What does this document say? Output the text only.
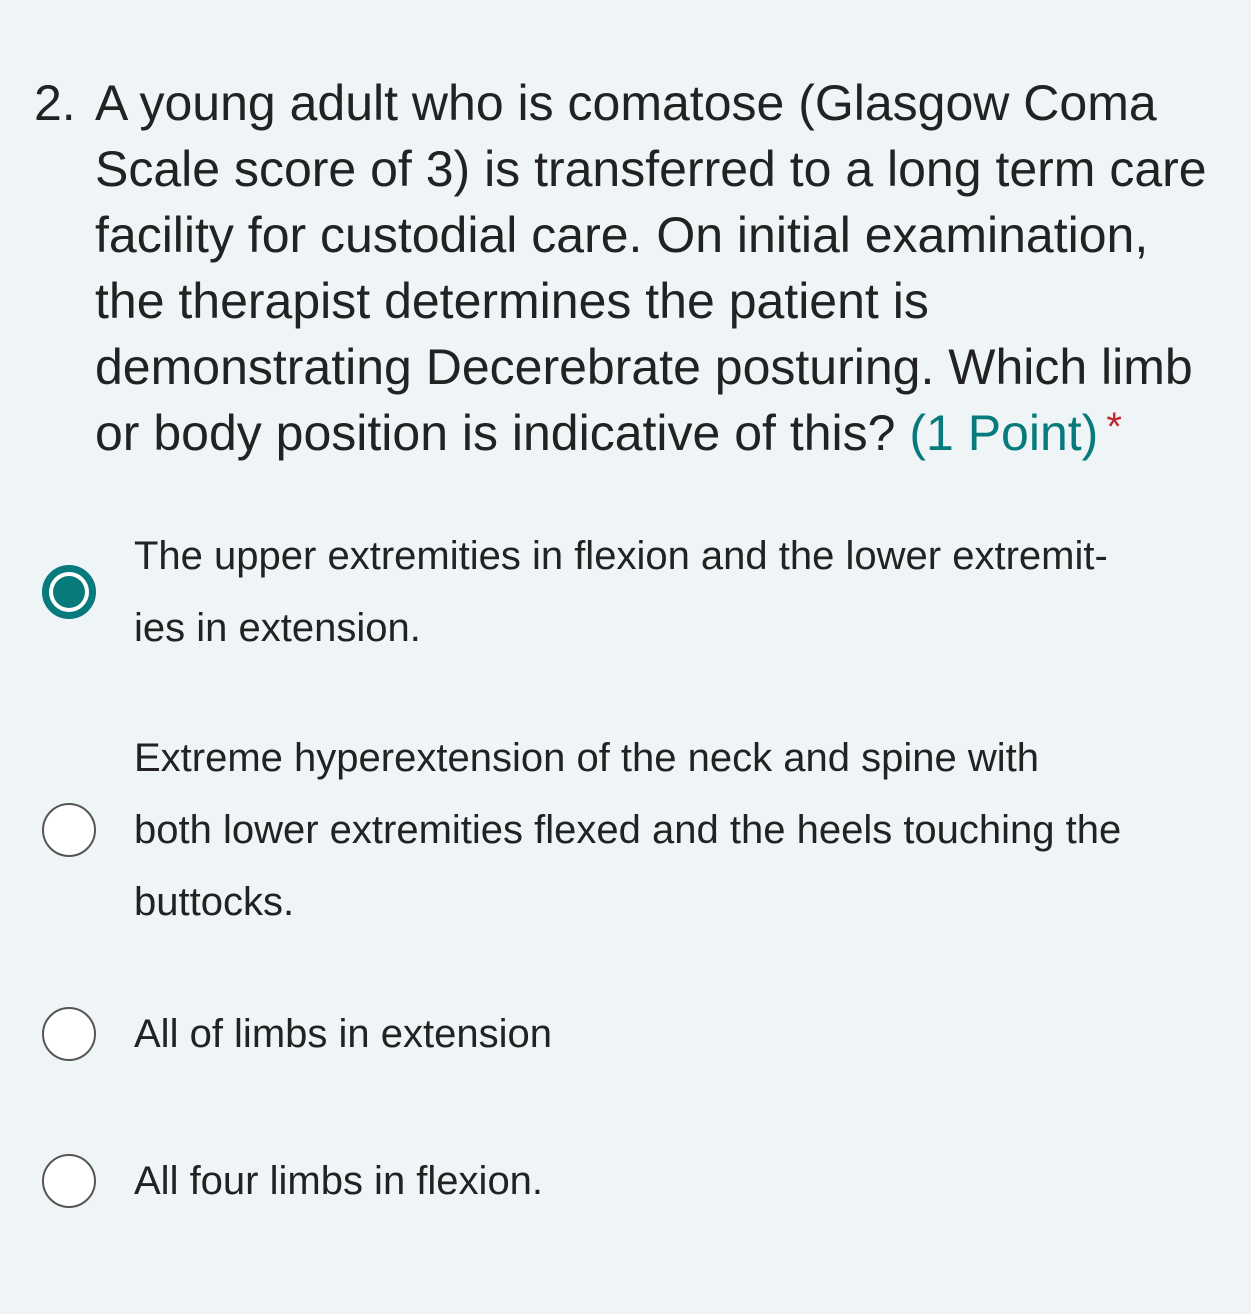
2. A young adult who is comatose (Glasgow Coma
Scale score of 3) is transferred to a long term care
facility for custodial care. On initial examination,
the therapist determines the patient is
demonstrating Decerebrate posturing. Which limb
or body position is indicative of this? (1 Point) *
The upper extremities in flexion and the lower extremit-
ies in extension.
Extreme hyperextension of the neck and spine with
both lower extremities flexed and the heels touching the
buttocks.
All of limbs in extension
All four limbs in flexion.
